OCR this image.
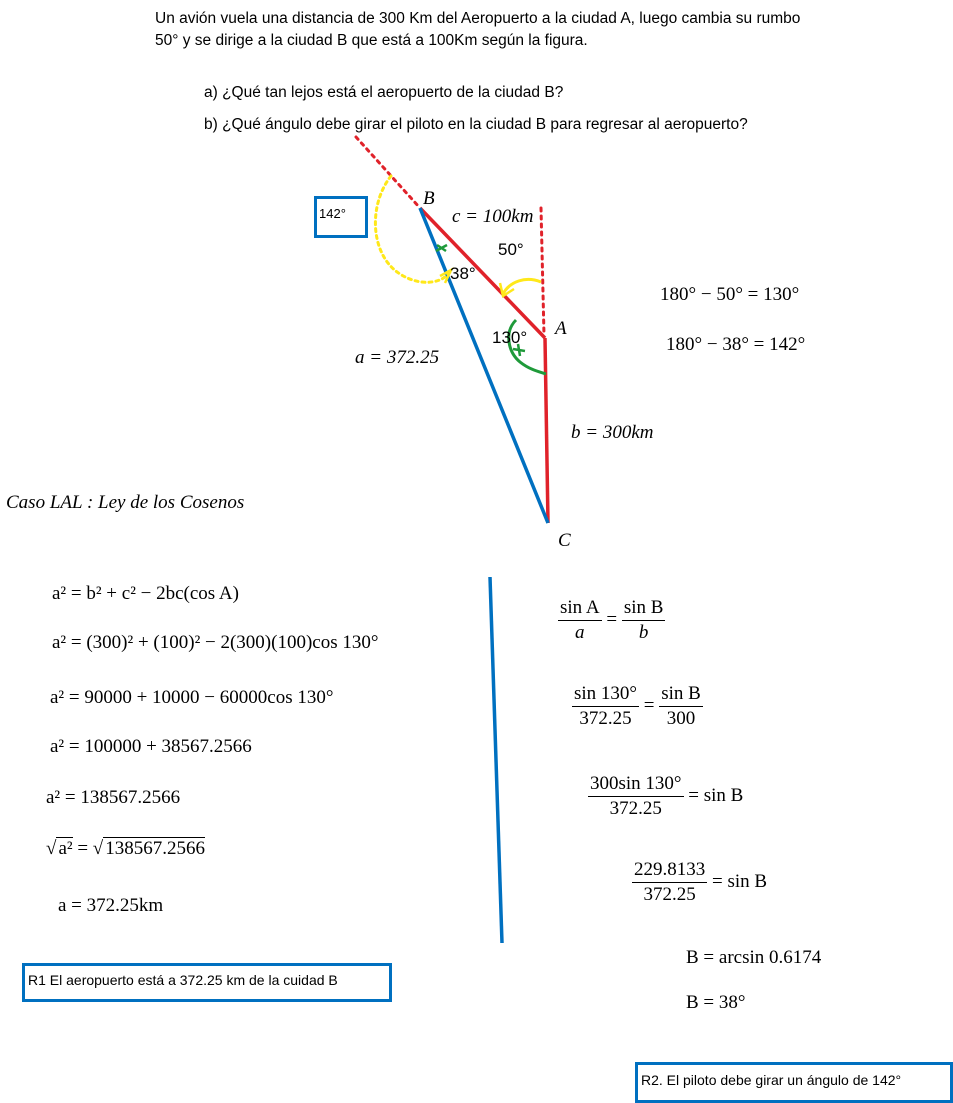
Un avión vuela una distancia de 300 Km del Aeropuerto a la ciudad A, luego cambia su rumbo
50° y se dirige a la ciudad B que está a 100Km según la figura.
a) ¿Qué tan lejos está el aeropuerto de la ciudad B?
b) ¿Qué ángulo debe girar el piloto en la ciudad B para regresar al aeropuerto?
142°
B
A
C
c = 100km
50°
38°
130°
a = 372.25
b = 300km
180° − 50° = 130°
180° − 38° = 142°
Caso LAL : Ley de los Cosenos
a² = b² + c² − 2bc(cos A)
a² = (300)² + (100)² − 2(300)(100)cos 130°
a² = 90000 + 10000 − 60000cos 130°
a² = 100000 + 38567.2566
a² = 138567.2566
√ a² = √ 138567.2566
a = 372.25km
$\frac{\text{sin A}}{a} = \frac{\text{sin B}}{b}$
$\frac{\sin 130^\circ}{372.25} = \frac{\text{sin B}}{300}$
$\frac{300\sin 130^\circ}{372.25} = \sin B$
$\frac{229.8133}{372.25} = \sin B$
B = arcsin 0.6174
B = 38°
R1 El aeropuerto está a 372.25 km de la cuidad B
R2. El piloto debe girar un ángulo de 142°
